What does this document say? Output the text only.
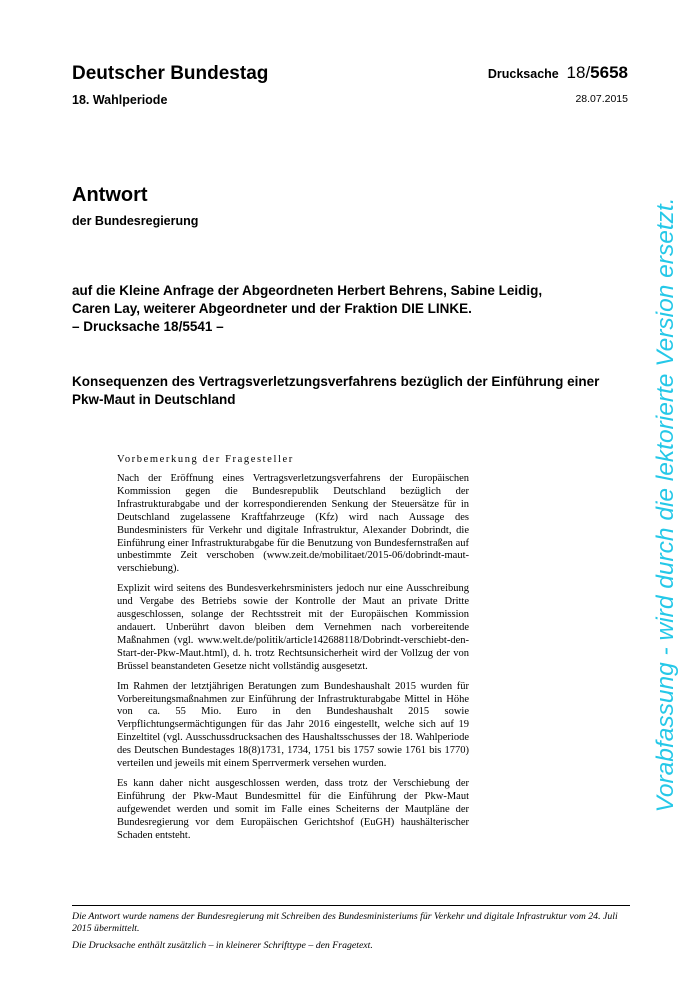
Deutscher Bundestag
18. Wahlperiode
Drucksache 18/5658
28.07.2015
Antwort
der Bundesregierung
auf die Kleine Anfrage der Abgeordneten Herbert Behrens, Sabine Leidig,
Caren Lay, weiterer Abgeordneter und der Fraktion DIE LINKE.
– Drucksache 18/5541 –
Konsequenzen des Vertragsverletzungsverfahrens bezüglich der Einführung einer Pkw-Maut in Deutschland
Vorbemerkung der Fragesteller

Nach der Eröffnung eines Vertragsverletzungsverfahrens der Europäischen Kommission gegen die Bundesrepublik Deutschland bezüglich der Infrastrukturabgabe und der korrespondierenden Senkung der Steuersätze für in Deutschland zugelassene Kraftfahrzeuge (Kfz) wird nach Aussage des Bundesministers für Verkehr und digitale Infrastruktur, Alexander Dobrindt, die Einführung einer Infrastrukturabgabe für die Benutzung von Bundesfernstraßen auf unbestimmte Zeit verschoben (www.zeit.de/mobilitaet/2015-06/dobrindt-maut-verschiebung).

Explizit wird seitens des Bundesverkehrsministers jedoch nur eine Ausschreibung und Vergabe des Betriebs sowie der Kontrolle der Maut an private Dritte ausgeschlossen, solange der Rechtsstreit mit der Europäischen Kommission andauert. Unberührt davon bleiben dem Vernehmen nach vorbereitende Maßnahmen (vgl. www.welt.de/politik/article142688118/Dobrindt-verschiebt-den-Start-der-Pkw-Maut.html), d. h. trotz Rechtsunsicherheit wird der Vollzug der von Brüssel beanstandeten Gesetze nicht vollständig ausgesetzt.

Im Rahmen der letztjährigen Beratungen zum Bundeshaushalt 2015 wurden für Vorbereitungsmaßnahmen zur Einführung der Infrastrukturabgabe Mittel in Höhe von ca. 55 Mio. Euro in den Bundeshaushalt 2015 sowie Verpflichtungsermächtigungen für das Jahr 2016 eingestellt, welche sich auf 19 Einzeltitel (vgl. Ausschussdrucksachen des Haushaltsschusses der 18. Wahlperiode des Deutschen Bundestages 18(8)1731, 1734, 1751 bis 1757 sowie 1761 bis 1770) verteilen und jeweils mit einem Sperrvermerk versehen wurden.

Es kann daher nicht ausgeschlossen werden, dass trotz der Verschiebung der Einführung der Pkw-Maut Bundesmittel für die Einführung der Pkw-Maut aufgewendet werden und somit im Falle eines Scheiterns der Mautpläne der Bundesregierung vor dem Europäischen Gerichtshof (EuGH) haushälterischer Schaden entsteht.

Die Antwort wurde namens der Bundesregierung mit Schreiben des Bundesministeriums für Verkehr und digitale Infrastruktur vom 24. Juli 2015 übermittelt.

Die Drucksache enthält zusätzlich – in kleinerer Schrifttype – den Fragetext.

Vorabfassung - wird durch die lektorierte Version ersetzt.
